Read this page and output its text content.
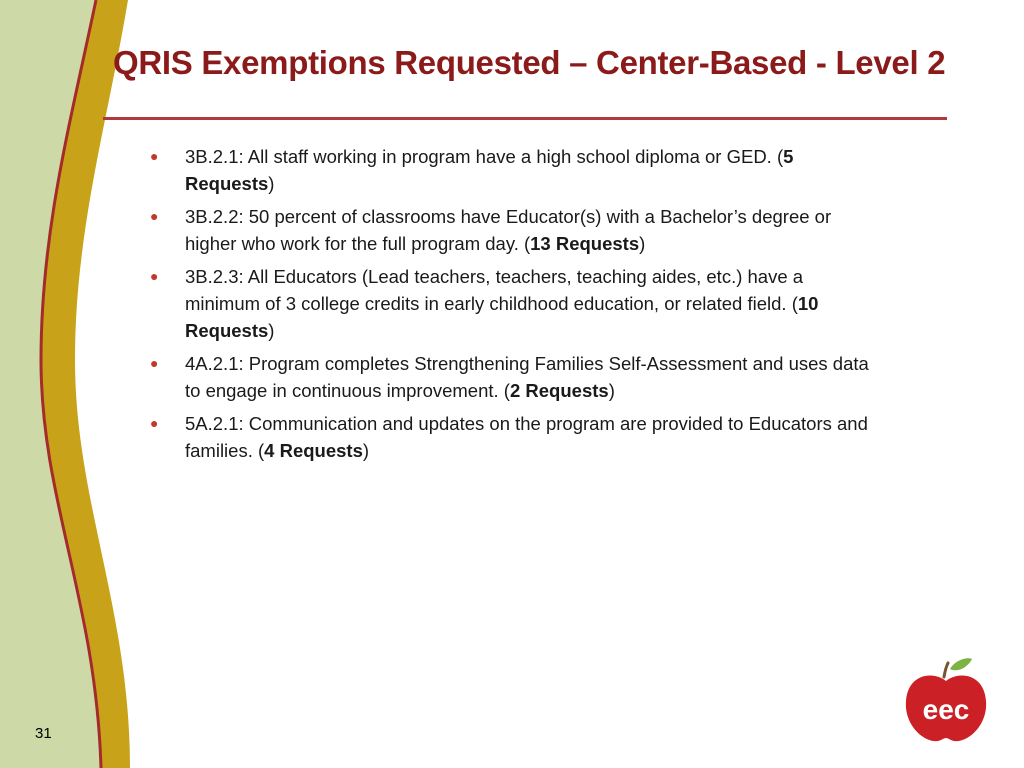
QRIS Exemptions Requested – Center-Based - Level 2
●	3B.2.1: All staff working in program have a high school diploma or GED. (5 Requests)
●	3B.2.2: 50 percent of classrooms have Educator(s) with a Bachelor’s degree or higher who work for the full program day. (13 Requests)
●	3B.2.3: All Educators (Lead teachers, teachers, teaching aides, etc.) have a minimum of 3 college credits in early childhood education, or related field. (10 Requests)
●	4A.2.1: Program completes Strengthening Families Self-Assessment and uses data to engage in continuous improvement. (2 Requests)
●	5A.2.1: Communication and updates on the program are provided to Educators and families. (4 Requests)
31
eec
